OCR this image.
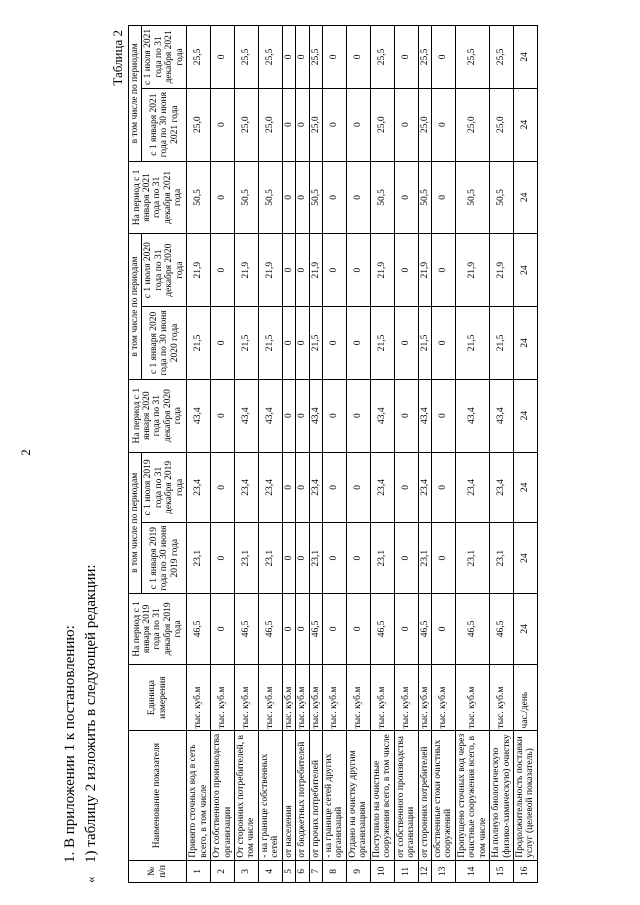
2
1. В приложении 1 к постановлению:
«
1) таблицу 2 изложить в следующей редакции:
Таблица 2
№ п/п	Наименование показателя	Единица измерения	На период с 1 января 2019 года по 31 декабря 2019 года	в том числе по периодам		На период с 1 января 2020 года по 31 декабря 2020 года	в том числе по периодам		На период с 1 января 2021 года по 31 декабря 2021 года	в том числе по периодам	
				с 1 января 2019 года по 30 июня 2019 года	с 1 июля 2019 года по 31 декабря 2019 года		с 1 января 2020 года по 30 июня 2020 года	с 1 июля 2020 года по 31 декабря 2020 года		с 1 января 2021 года по 30 июня 2021 года	с 1 июля 2021 года по 31 декабря 2021 года
1	Принято сточных вод в сеть всего, в том числе	тыс. куб.м	46,5	23,1	23,4	43,4	21,5	21,9	50,5	25,0	25,5
2	От собственного производства организации	тыс. куб.м	0	0	0	0	0	0	0	0	0
3	От сторонних потребителей, в том числе	тыс. куб.м	46,5	23,1	23,4	43,4	21,5	21,9	50,5	25,0	25,5
4	- на границе собственных сетей	тыс. куб.м	46,5	23,1	23,4	43,4	21,5	21,9	50,5	25,0	25,5
5	от населения	тыс. куб.м	0	0	0	0	0	0	0	0	0
6	от бюджетных потребителей	тыс. куб.м	0	0	0	0	0	0	0	0	0
7	от прочих потребителей	тыс. куб.м	46,5	23,1	23,4	43,4	21,5	21,9	50,5	25,0	25,5
8	- на границе сетей других организаций	тыс. куб.м	0	0	0	0	0	0	0	0	0
9	Отдано на очистку другим организациям	тыс. куб.м	0	0	0	0	0	0	0	0	0
10	Поступило на очистные сооружения всего, в том числе	тыс. куб.м	46,5	23,1	23,4	43,4	21,5	21,9	50,5	25,0	25,5
11	от собственного производства организации	тыс. куб.м	0	0	0	0	0	0	0	0	0
12	от сторонних потребителей	тыс. куб.м	46,5	23,1	23,4	43,4	21,5	21,9	50,5	25,0	25,5
13	собственные стоки очистных сооружений	тыс. куб.м	0	0	0	0	0	0	0	0	0
14	Пропущено сточных вод через очистные сооружения всего, в том числе	тыс. куб.м	46,5	23,1	23,4	43,4	21,5	21,9	50,5	25,0	25,5
15	На полную биологическую (физико-химическую) очистку	тыс. куб.м	46,5	23,1	23,4	43,4	21,5	21,9	50,5	25,0	25,5
16	Продолжительность поставки услуг (целевой показатель)	час./день	24	24	24	24	24	24	24	24	24
